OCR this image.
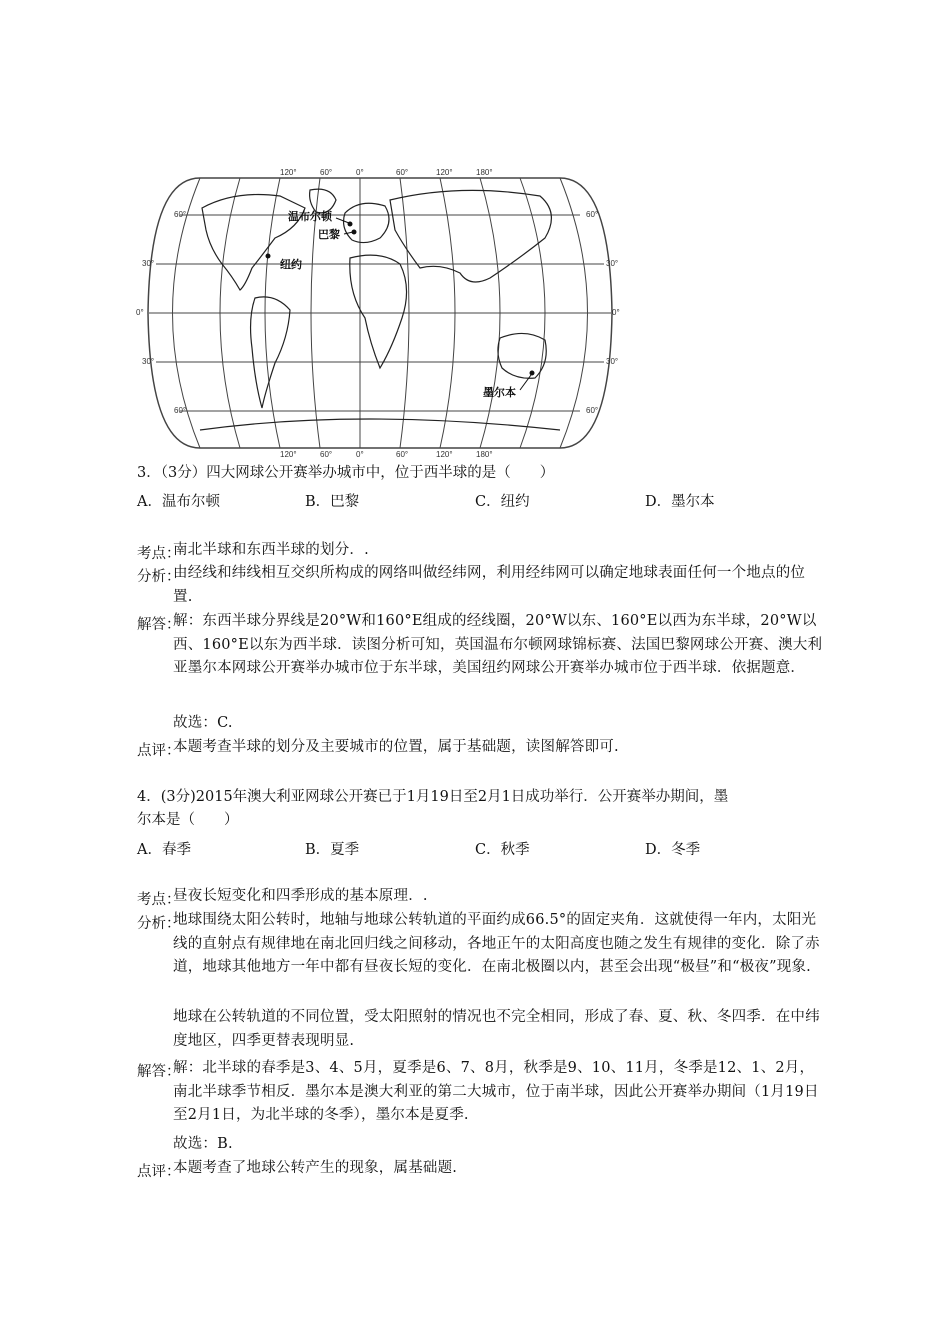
120°	60°	0°	60°	120°	180°
120°	60°	0°	60°	120°	180°
60°
30°
0°
30°
60°
60°
30°
0°
30°
60°
温布尔顿
巴黎
纽约
墨尔本
3．（3分）四大网球公开赛举办城市中，位于西半球的是（　　）
A．温布尔顿	B．巴黎	C．纽约	D．墨尔本
考点：
南北半球和东西半球的划分．.
分析：
由经线和纬线相互交织所构成的网络叫做经纬网，利用经纬网可以确定地球表面任何一个地点的位置.
解答：
解：东西半球分界线是20°W和160°E组成的经线圈，20°W以东、160°E以西为东半球，20°W以西、160°E以东为西半球．读图分析可知，英国温布尔顿网球锦标赛、法国巴黎网球公开赛、澳大利亚墨尔本网球公开赛举办城市位于东半球，美国纽约网球公开赛举办城市位于西半球．依据题意．
故选：C.
点评：
本题考查半球的划分及主要城市的位置，属于基础题，读图解答即可.
4．(3分)2015年澳大利亚网球公开赛已于1月19日至2月1日成功举行．公开赛举办期间，墨
尔本是（　　）
A．春季	B．夏季	C．秋季	D．冬季
考点：
昼夜长短变化和四季形成的基本原理．.
分析：
地球围绕太阳公转时，地轴与地球公转轨道的平面约成66.5°的固定夹角．这就使得一年内，太阳光线的直射点有规律地在南北回归线之间移动，各地正午的太阳高度也随之发生有规律的变化．除了赤道，地球其他地方一年中都有昼夜长短的变化．在南北极圈以内，甚至会出现“极昼”和“极夜”现象.
地球在公转轨道的不同位置，受太阳照射的情况也不完全相同，形成了春、夏、秋、冬四季．在中纬度地区，四季更替表现明显.
解答：
解：北半球的春季是3、4、5月，夏季是6、7、8月，秋季是9、10、11月，冬季是12、1、2月，南北半球季节相反．墨尔本是澳大利亚的第二大城市，位于南半球，因此公开赛举办期间（1月19日至2月1日，为北半球的冬季），墨尔本是夏季.
故选：B.
点评：
本题考查了地球公转产生的现象，属基础题.
